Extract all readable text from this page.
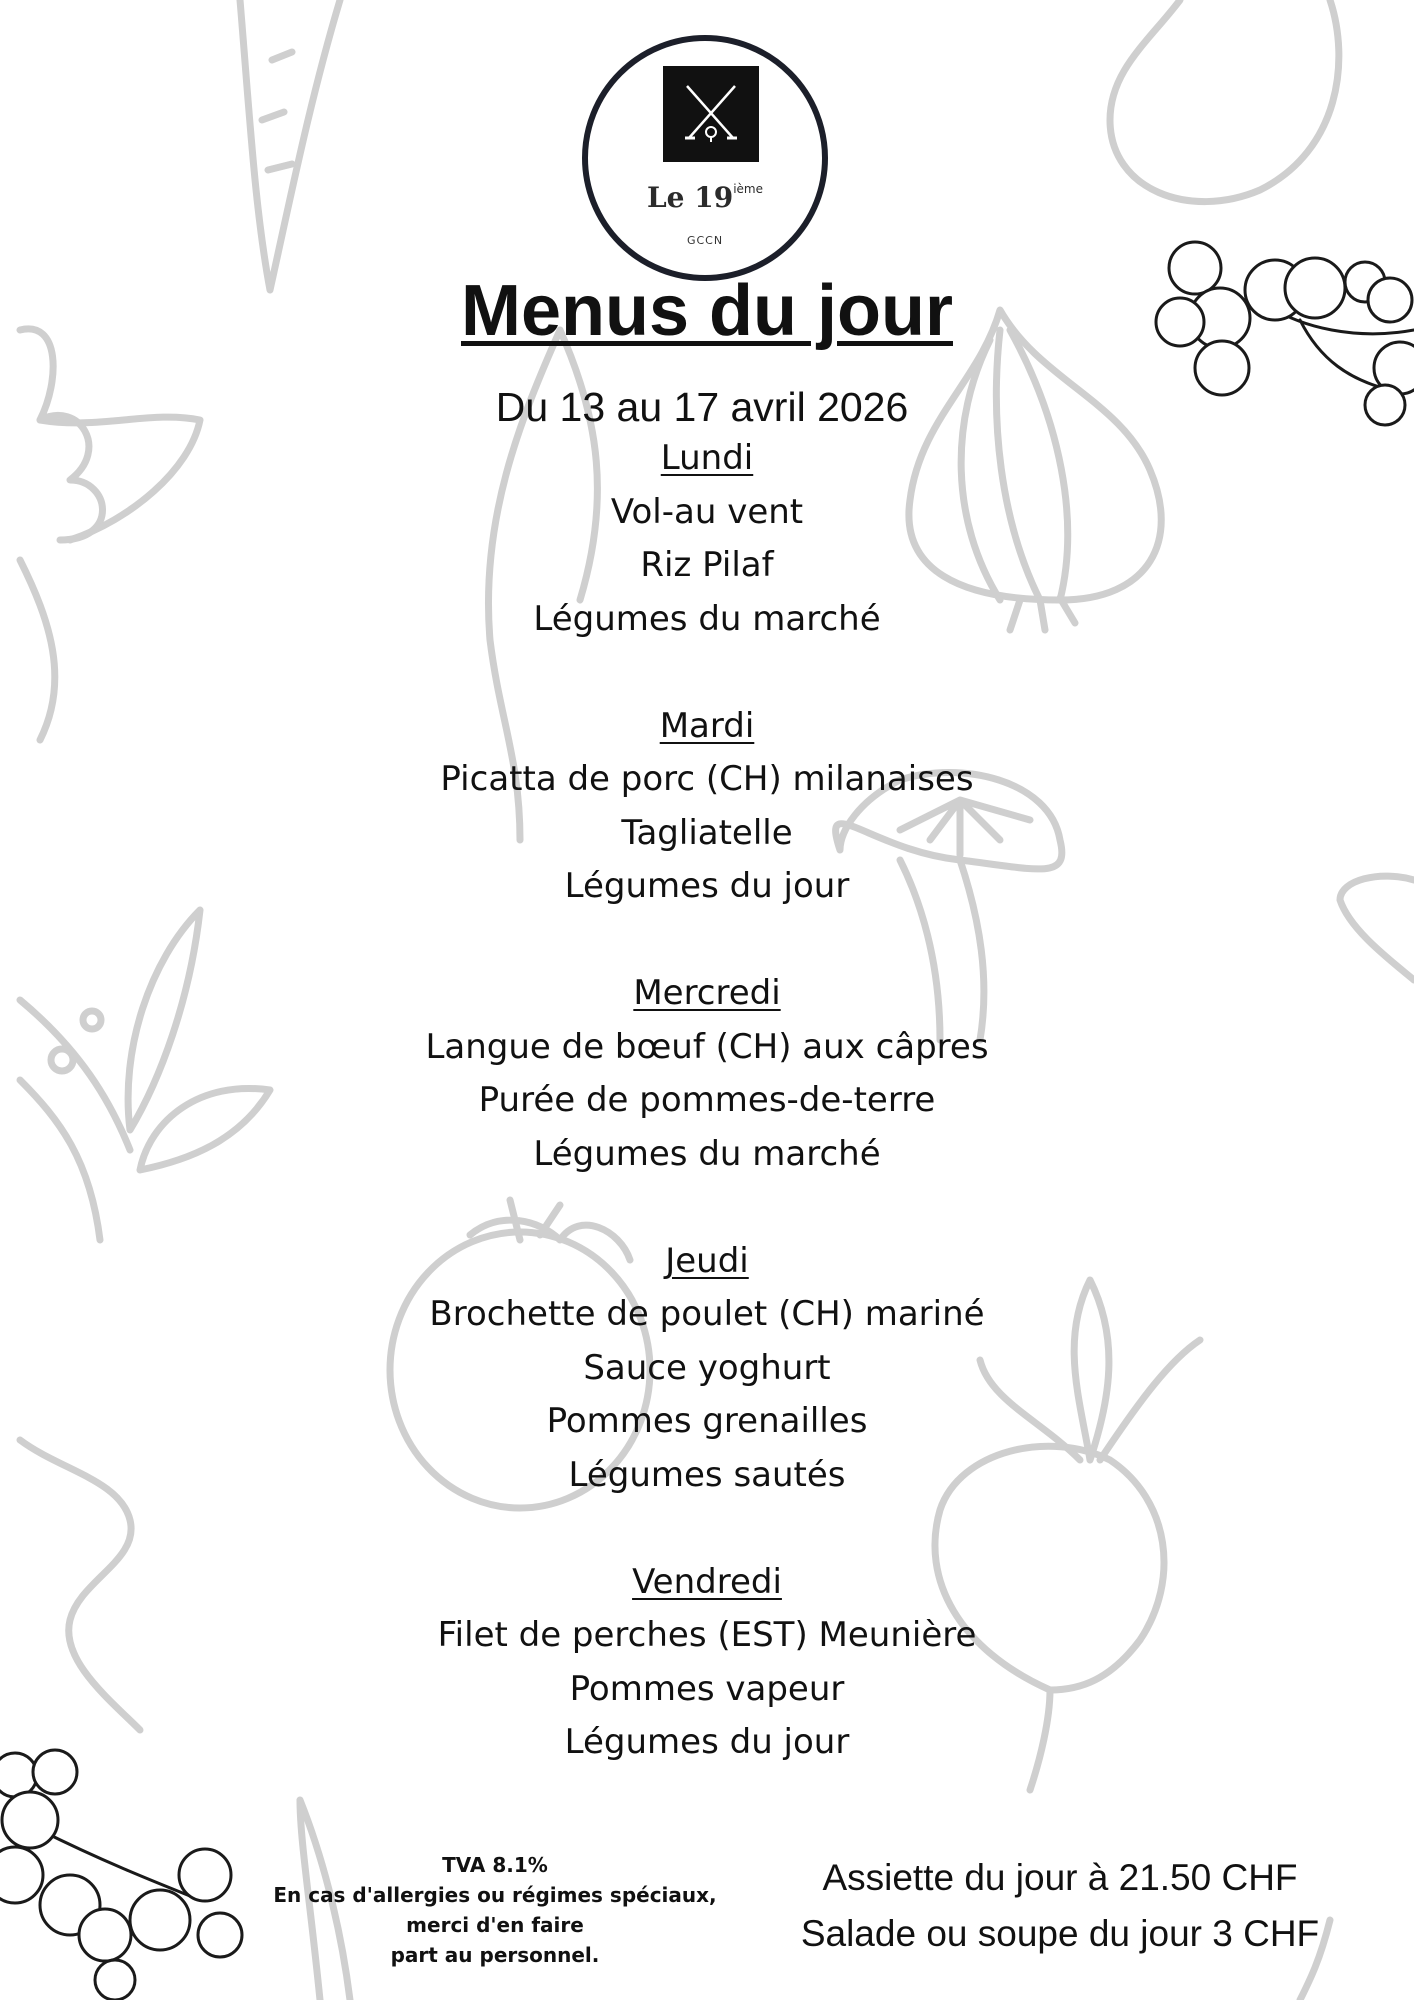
Le 19ième
GCCN
Menus du jour
Du 13 au 17 avril 2026
Lundi
Vol-au vent
Riz Pilaf
Légumes du marché
Mardi
Picatta de porc (CH) milanaises
Tagliatelle
Légumes du jour
Mercredi
Langue de bœuf (CH) aux câpres
Purée de pommes-de-terre
Légumes du marché
Jeudi
Brochette de poulet (CH) mariné
Sauce yoghurt
Pommes grenailles
Légumes sautés
Vendredi
Filet de perches (EST) Meunière
Pommes vapeur
Légumes du jour
TVA 8.1%
En cas d'allergies ou régimes spéciaux,
merci d'en faire
part au personnel.
Assiette du jour à 21.50 CHF
Salade ou soupe du jour 3 CHF
